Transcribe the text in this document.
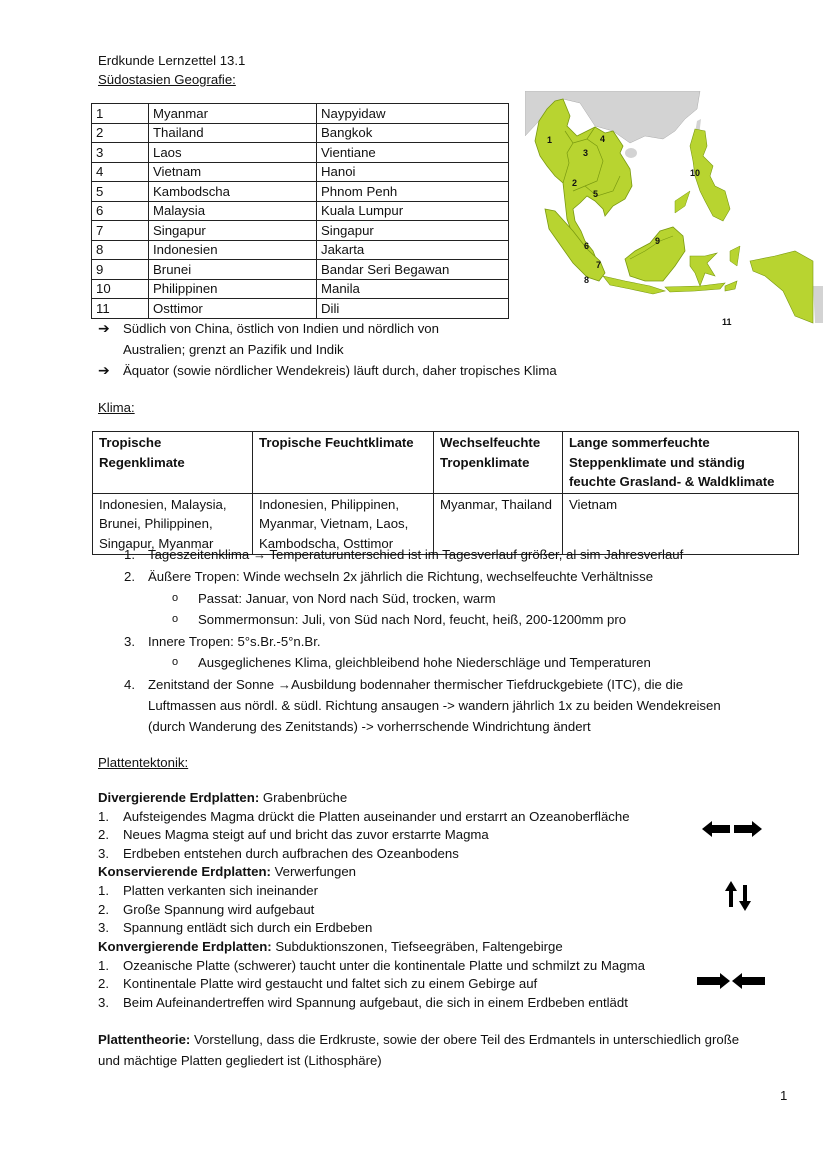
Erdkunde Lernzettel 13.1
Südostasien Geografie:
1	Myanmar	Naypyidaw
2	Thailand	Bangkok
3	Laos	Vientiane
4	Vietnam	Hanoi
5	Kambodscha	Phnom Penh
6	Malaysia	Kuala Lumpur
7	Singapur	Singapur
8	Indonesien	Jakarta
9	Brunei	Bandar Seri Begawan
10	Philippinen	Manila
11	Osttimor	Dili
1
2
3
4
5
6
7
8
9
10
11
➔ Südlich von China, östlich von Indien und nördlich von
Australien; grenzt an Pazifik und Indik
➔ Äquator (sowie nördlicher Wendekreis) läuft durch, daher tropisches Klima
Klima:
Tropische Regenklimate	Tropische Feuchtklimate	Wechselfeuchte Tropenklimate	Lange sommerfeuchte Steppenklimate und ständig feuchte Grasland- & Waldklimate
Indonesien, Malaysia, Brunei, Philippinen, Singapur, Myanmar	Indonesien, Philippinen, Myanmar, Vietnam, Laos, Kambodscha, Osttimor	Myanmar, Thailand	Vietnam
1. Tageszeitenklima → Temperaturunterschied ist im Tagesverlauf größer, al sim Jahresverlauf
2. Äußere Tropen: Winde wechseln 2x jährlich die Richtung, wechselfeuchte Verhältnisse
o Passat: Januar, von Nord nach Süd, trocken, warm
o Sommermonsun: Juli, von Süd nach Nord, feucht, heiß, 200-1200mm pro
3. Innere Tropen: 5°s.Br.-5°n.Br.
o Ausgeglichenes Klima, gleichbleibend hohe Niederschläge und Temperaturen
4. Zenitstand der Sonne →Ausbildung bodennaher thermischer Tiefdruckgebiete (ITC), die die
Luftmassen aus nördl. & südl. Richtung ansaugen -> wandern jährlich 1x zu beiden Wendekreisen
(durch Wanderung des Zenitstands) -> vorherrschende Windrichtung ändert
Plattentektonik:
Divergierende Erdplatten: Grabenbrüche
1. Aufsteigendes Magma drückt die Platten auseinander und erstarrt an Ozeanoberfläche
2. Neues Magma steigt auf und bricht das zuvor erstarrte Magma
3. Erdbeben entstehen durch aufbrachen des Ozeanbodens
Konservierende Erdplatten: Verwerfungen
1. Platten verkanten sich ineinander
2. Große Spannung wird aufgebaut
3. Spannung entlädt sich durch ein Erdbeben
Konvergierende Erdplatten: Subduktionszonen, Tiefseegräben, Faltengebirge
1. Ozeanische Platte (schwerer) taucht unter die kontinentale Platte und schmilzt zu Magma
2. Kontinentale Platte wird gestaucht und faltet sich zu einem Gebirge auf
3. Beim Aufeinandertreffen wird Spannung aufgebaut, die sich in einem Erdbeben entlädt
Plattentheorie: Vorstellung, dass die Erdkruste, sowie der obere Teil des Erdmantels in unterschiedlich große
und mächtige Platten gegliedert ist (Lithosphäre)
1
